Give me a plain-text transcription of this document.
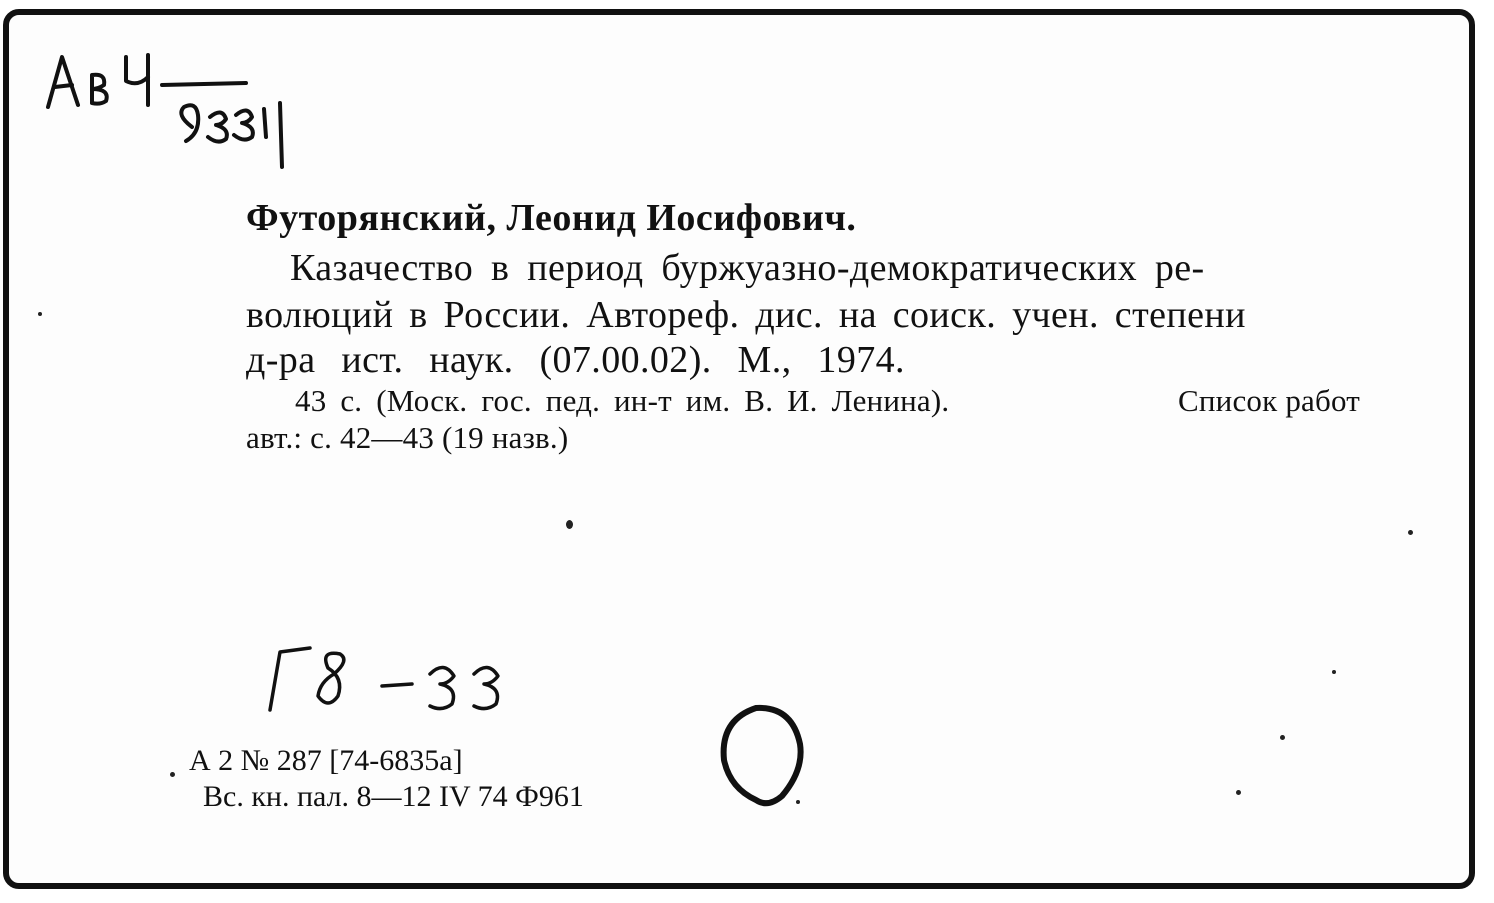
Футорянский, Леонид Иосифович.
Казачество в период буржуазно-демократических ре-
волюций в России. Автореф. дис. на соиск. учен. степени
д-ра ист. наук. (07.00.02). М., 1974.
43 с. (Моск. гос. пед. ин-т им. В. И. Ленина).	Список работ
авт.: с. 42—43 (19 назв.)
А 2 № 287 [74-6835а]
Вс. кн. пал. 8—12 IV 74 Ф961
